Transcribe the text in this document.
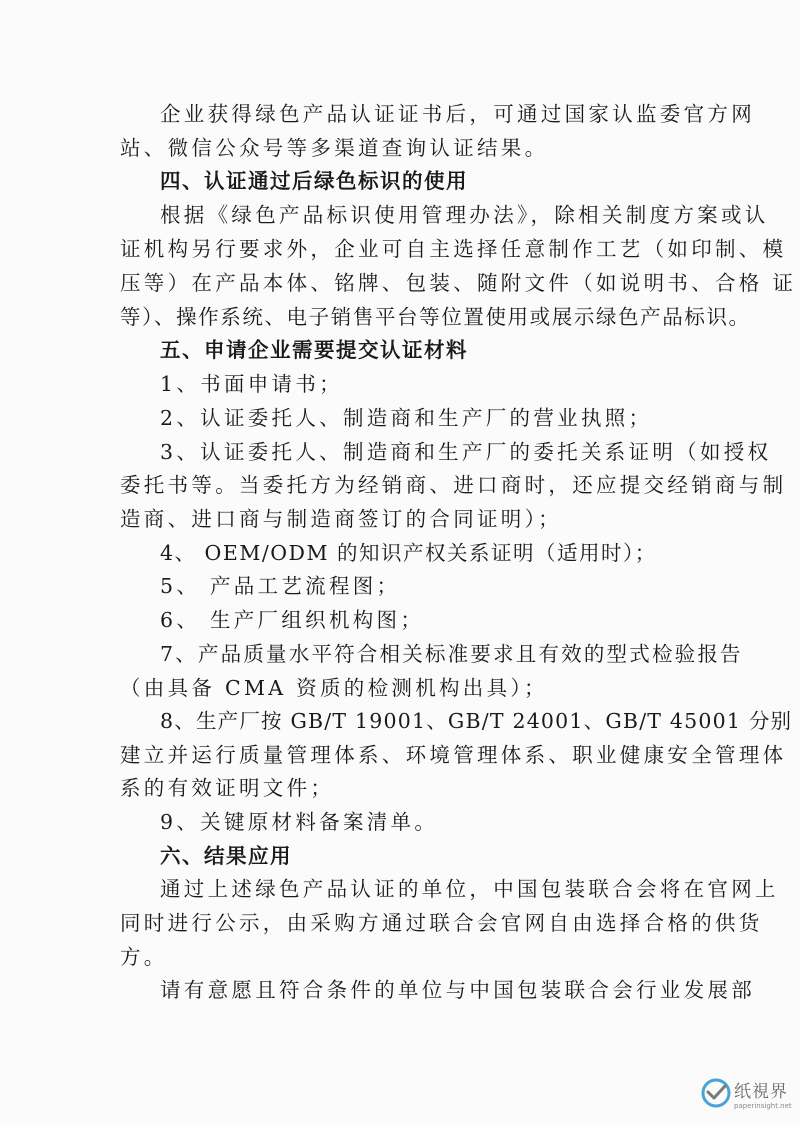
企业获得绿色产品认证证书后，可通过国家认监委官方网
站、微信公众号等多渠道查询认证结果。
四、认证通过后绿色标识的使用
根据《绿色产品标识使用管理办法》，除相关制度方案或认
证机构另行要求外，企业可自主选择任意制作工艺（如印制、模
压等）在产品本体、铭牌、包装、随附文件（如说明书、合格 证
等）、操作系统、电子销售平台等位置使用或展示绿色产品标识。
五、申请企业需要提交认证材料
1、书面申请书；
2、认证委托人、制造商和生产厂的营业执照；
3、认证委托人、制造商和生产厂的委托关系证明（如授权
委托书等。当委托方为经销商、进口商时，还应提交经销商与制
造商、进口商与制造商签订的合同证明）；
4、 OEM/ODM 的知识产权关系证明（适用时）；
5、 产品工艺流程图；
6、 生产厂组织机构图；
7、产品质量水平符合相关标准要求且有效的型式检验报告
（由具备 CMA 资质的检测机构出具）；
8、生产厂按 GB/T 19001、GB/T 24001、GB/T 45001 分别
建立并运行质量管理体系、环境管理体系、职业健康安全管理体
系的有效证明文件；
9、关键原材料备案清单。
六、结果应用
通过上述绿色产品认证的单位，中国包装联合会将在官网上
同时进行公示，由采购方通过联合会官网自由选择合格的供货
方。
请有意愿且符合条件的单位与中国包装联合会行业发展部
纸視界
paperinsight.net
